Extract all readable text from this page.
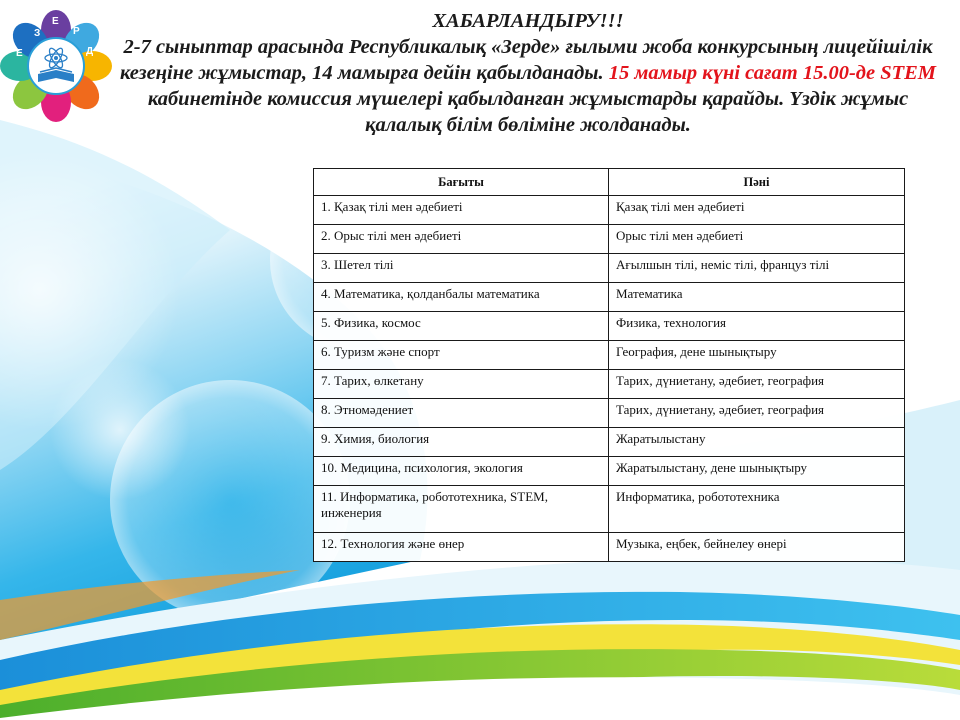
З
Е
Р
Д
Е
ХАБАРЛАНДЫРУ!!!
2-7 сыныптар арасында Республикалық «Зерде» ғылыми жоба конкурсының лицейішілік кезеңіне жұмыстар, 14 мамырға дейін қабылданады. 15 мамыр күні сағат 15.00-де STEM кабинетінде комиссия мүшелері қабылданған жұмыстарды қарайды. Үздік жұмыс қалалық білім бөліміне жолданады.
Бағыты	Пәні
1. Қазақ тілі мен әдебиеті	Қазақ тілі мен әдебиеті
2. Орыс тілі мен әдебиеті	Орыс тілі мен әдебиеті
3. Шетел тілі	Ағылшын тілі, неміс тілі, француз тілі
4. Математика, қолданбалы математика	Математика
5. Физика, космос	Физика, технология
6. Туризм және спорт	География, дене шынықтыру
7. Тарих, өлкетану	Тарих, дүниетану, әдебиет, география
8. Этномәдениет	Тарих, дүниетану, әдебиет, география
9. Химия, биология	Жаратылыстану
10. Медицина, психология, экология	Жаратылыстану, дене шынықтыру
11. Информатика, робототехника, STEM, инженерия	Информатика, робототехника
12. Технология және өнер	Музыка, еңбек, бейнелеу өнері
